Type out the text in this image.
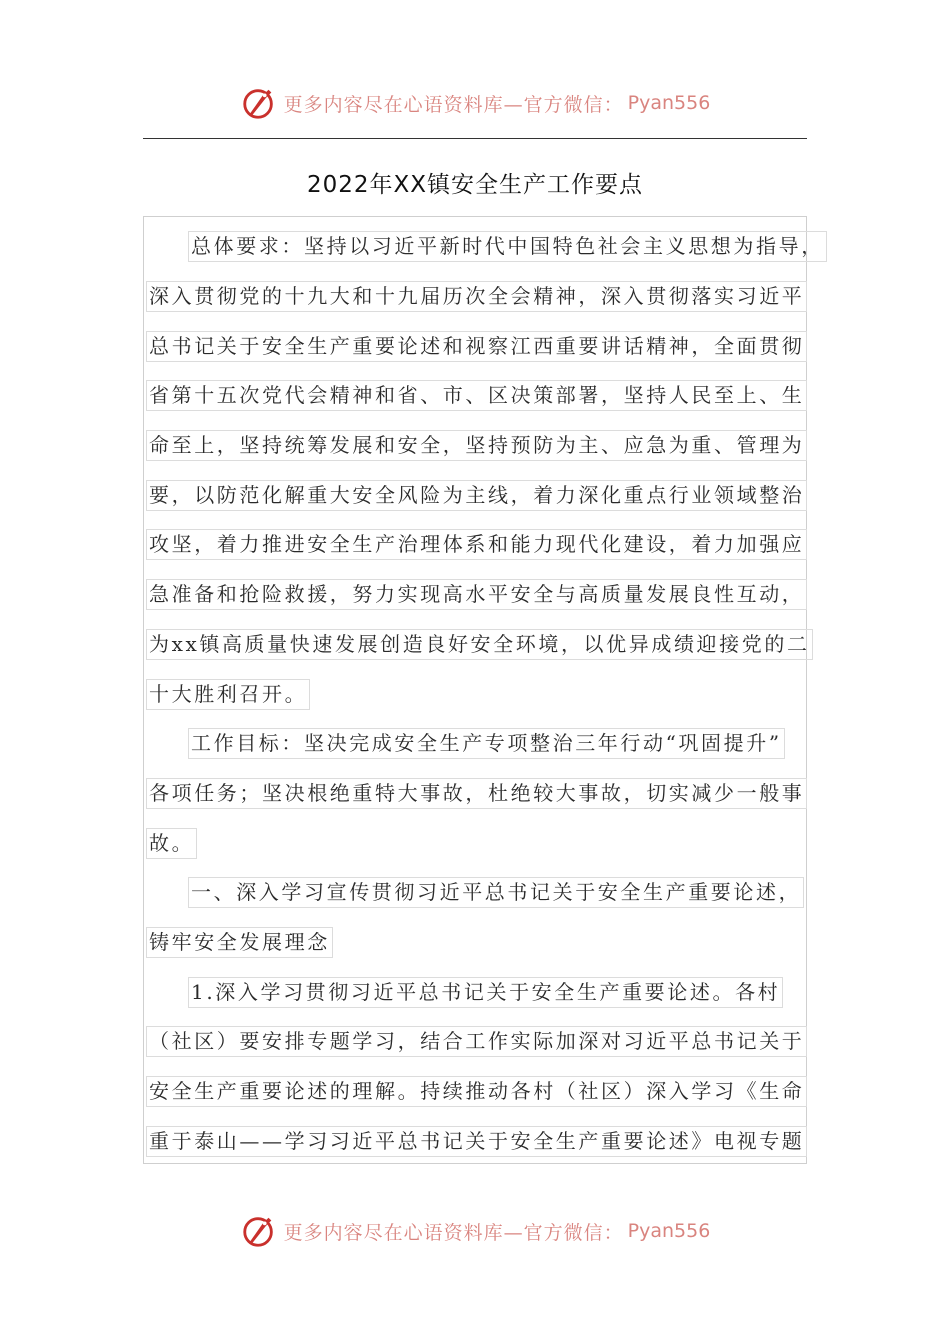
更多内容尽在心语资料库—官方微信： Pyan556
2022年XX镇安全生产工作要点
总体要求：坚持以习近平新时代中国特色社会主义思想为指导，
深入贯彻党的十九大和十九届历次全会精神，深入贯彻落实习近平
总书记关于安全生产重要论述和视察江西重要讲话精神，全面贯彻
省第十五次党代会精神和省、市、区决策部署，坚持人民至上、生
命至上，坚持统筹发展和安全，坚持预防为主、应急为重、管理为
要，以防范化解重大安全风险为主线，着力深化重点行业领域整治
攻坚，着力推进安全生产治理体系和能力现代化建设，着力加强应
急准备和抢险救援，努力实现高水平安全与高质量发展良性互动，
为xx镇高质量快速发展创造良好安全环境，以优异成绩迎接党的二
十大胜利召开。
工作目标：坚决完成安全生产专项整治三年行动“巩固提升”
各项任务；坚决根绝重特大事故，杜绝较大事故，切实减少一般事
故。
一、深入学习宣传贯彻习近平总书记关于安全生产重要论述，
铸牢安全发展理念
1.深入学习贯彻习近平总书记关于安全生产重要论述。各村
（社区）要安排专题学习，结合工作实际加深对习近平总书记关于
安全生产重要论述的理解。持续推动各村（社区）深入学习《生命
重于泰山——学习习近平总书记关于安全生产重要论述》电视专题
更多内容尽在心语资料库—官方微信： Pyan556
